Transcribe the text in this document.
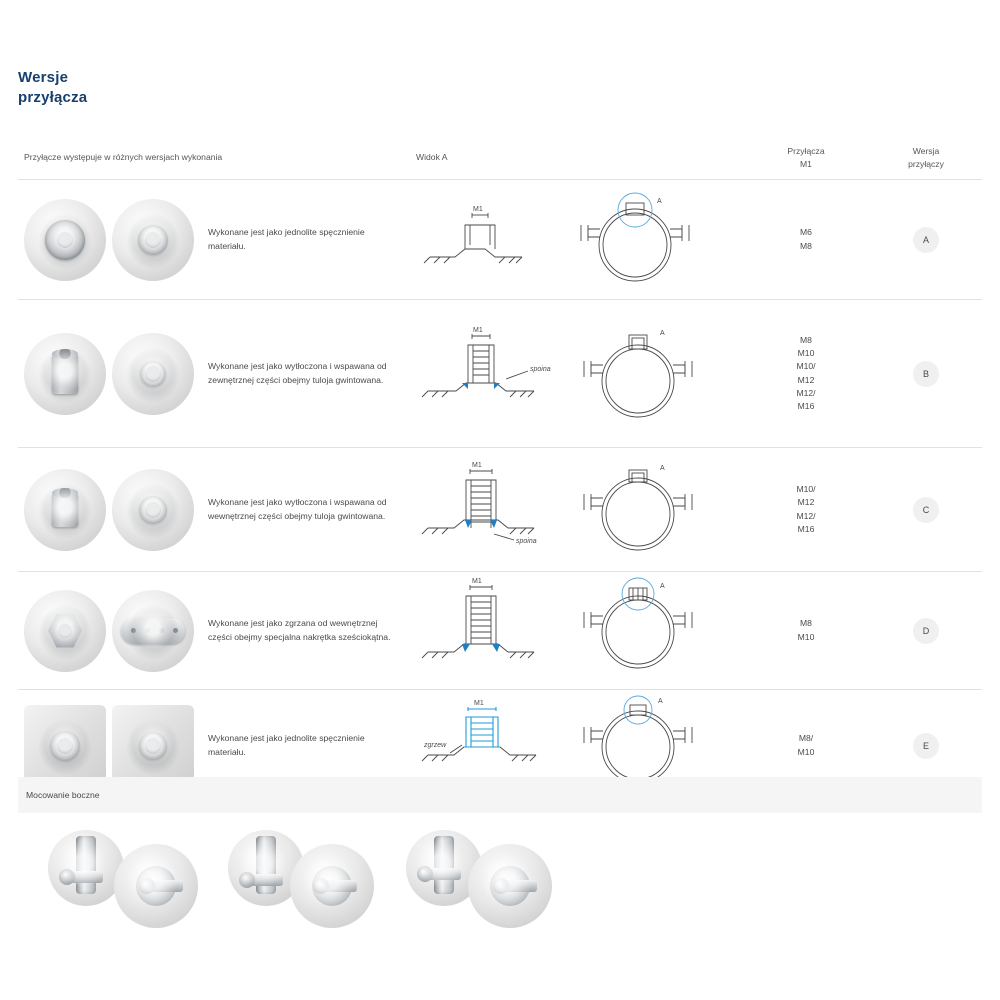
Wersje
przyłącza
Przyłącze występuje w różnych wersjach wykonania	Widok A
Przyłącza
M1
Wersja
przyłączy
Wykonane jest jako jednolite spęcznienie materiału.
M1
A
M6
M8
A
Wykonane jest jako wytłoczona i wspawana od zewnętrznej części obejmy tuloja gwintowana.
M1
spoina
A
M8
M10
M10/
M12
M12/
M16
B
Wykonane jest jako wytłoczona i wspawana od wewnętrznej części obejmy tuloja gwintowana.
M1
spoina
A
M10/
M12
M12/
M16
C
Wykonane jest jako zgrzana od wewnętrznej części obejmy specjalna nakrętka sześciokątna.
M1
A
M8
M10
D
Wykonane jest jako jednolite spęcznienie materiału.
M1
zgrzew
A
M8/
M10
E
Mocowanie boczne
